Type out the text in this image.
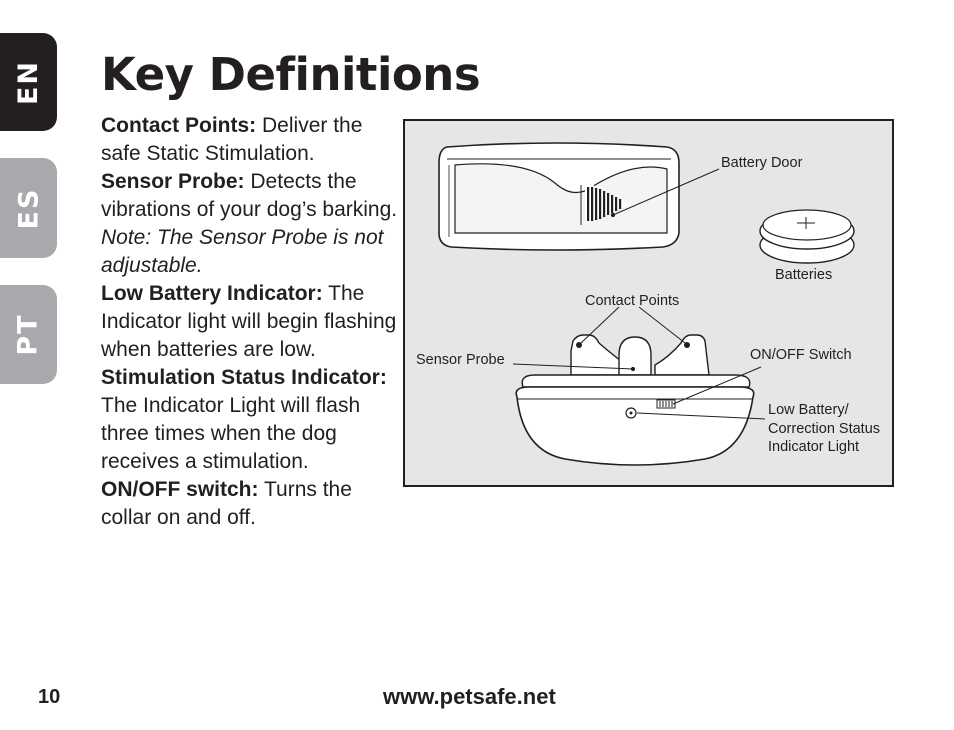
EN
ES
PT
Key Definitions

Contact Points: Deliver the safe Static Stimulation.

Sensor Probe: Detects the vibrations of your dog’s barking. Note: The Sensor Probe is not adjustable.

Low Battery Indicator: The Indicator light will begin flashing when batteries are low.

Stimulation Status Indicator: The Indicator Light will flash three times when the dog receives a stimulation.

ON/OFF switch: Turns the collar on and off.

Battery Door
Batteries
Contact Points
Sensor Probe	ON/OFF Switch
Low Battery/
Correction Status
Indicator Light
10	www.petsafe.net
